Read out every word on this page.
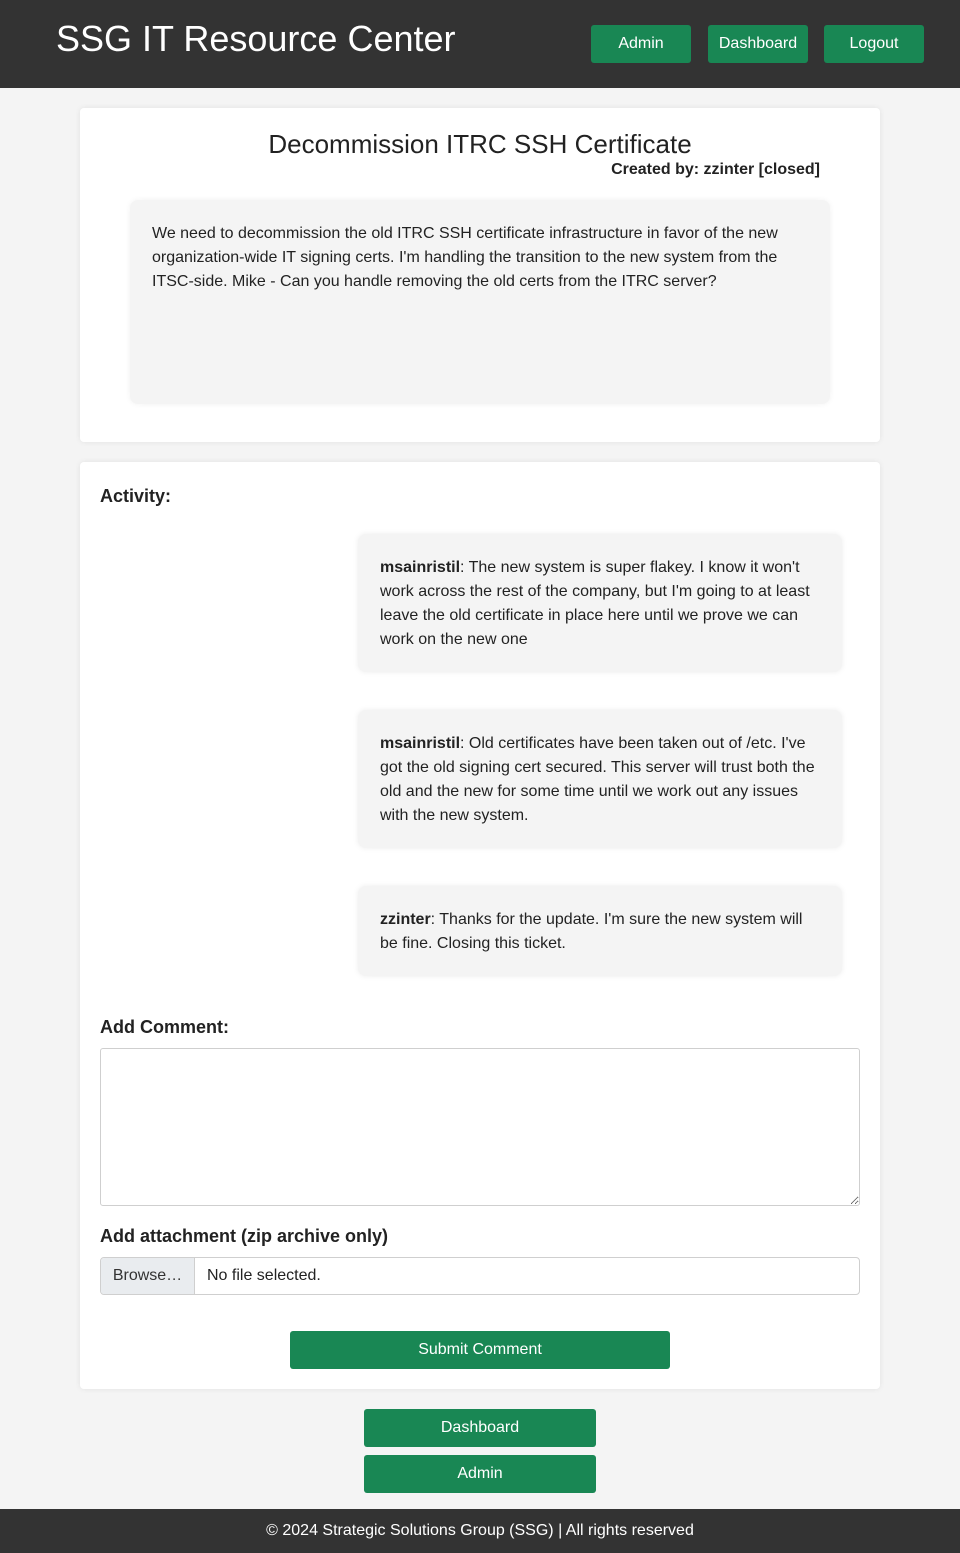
SSG IT Resource Center	Admin	Dashboard	Logout
Decommission ITRC SSH Certificate
Created by: zzinter [closed]
We need to decommission the old ITRC SSH certificate infrastructure in favor of the new organization-wide IT signing certs. I'm handling the transition to the new system from the ITSC-side. Mike - Can you handle removing the old certs from the ITRC server?
Activity:
msainristil: The new system is super flakey. I know it won't work across the rest of the company, but I'm going to at least leave the old certificate in place here until we prove we can work on the new one
msainristil: Old certificates have been taken out of /etc. I've got the old signing cert secured. This server will trust both the old and the new for some time until we work out any issues with the new system.
zzinter: Thanks for the update. I'm sure the new system will be fine. Closing this ticket.
Add Comment:
Add attachment (zip archive only)
Browse…	No file selected.
Submit Comment
Dashboard
Admin
© 2024 Strategic Solutions Group (SSG) | All rights reserved
